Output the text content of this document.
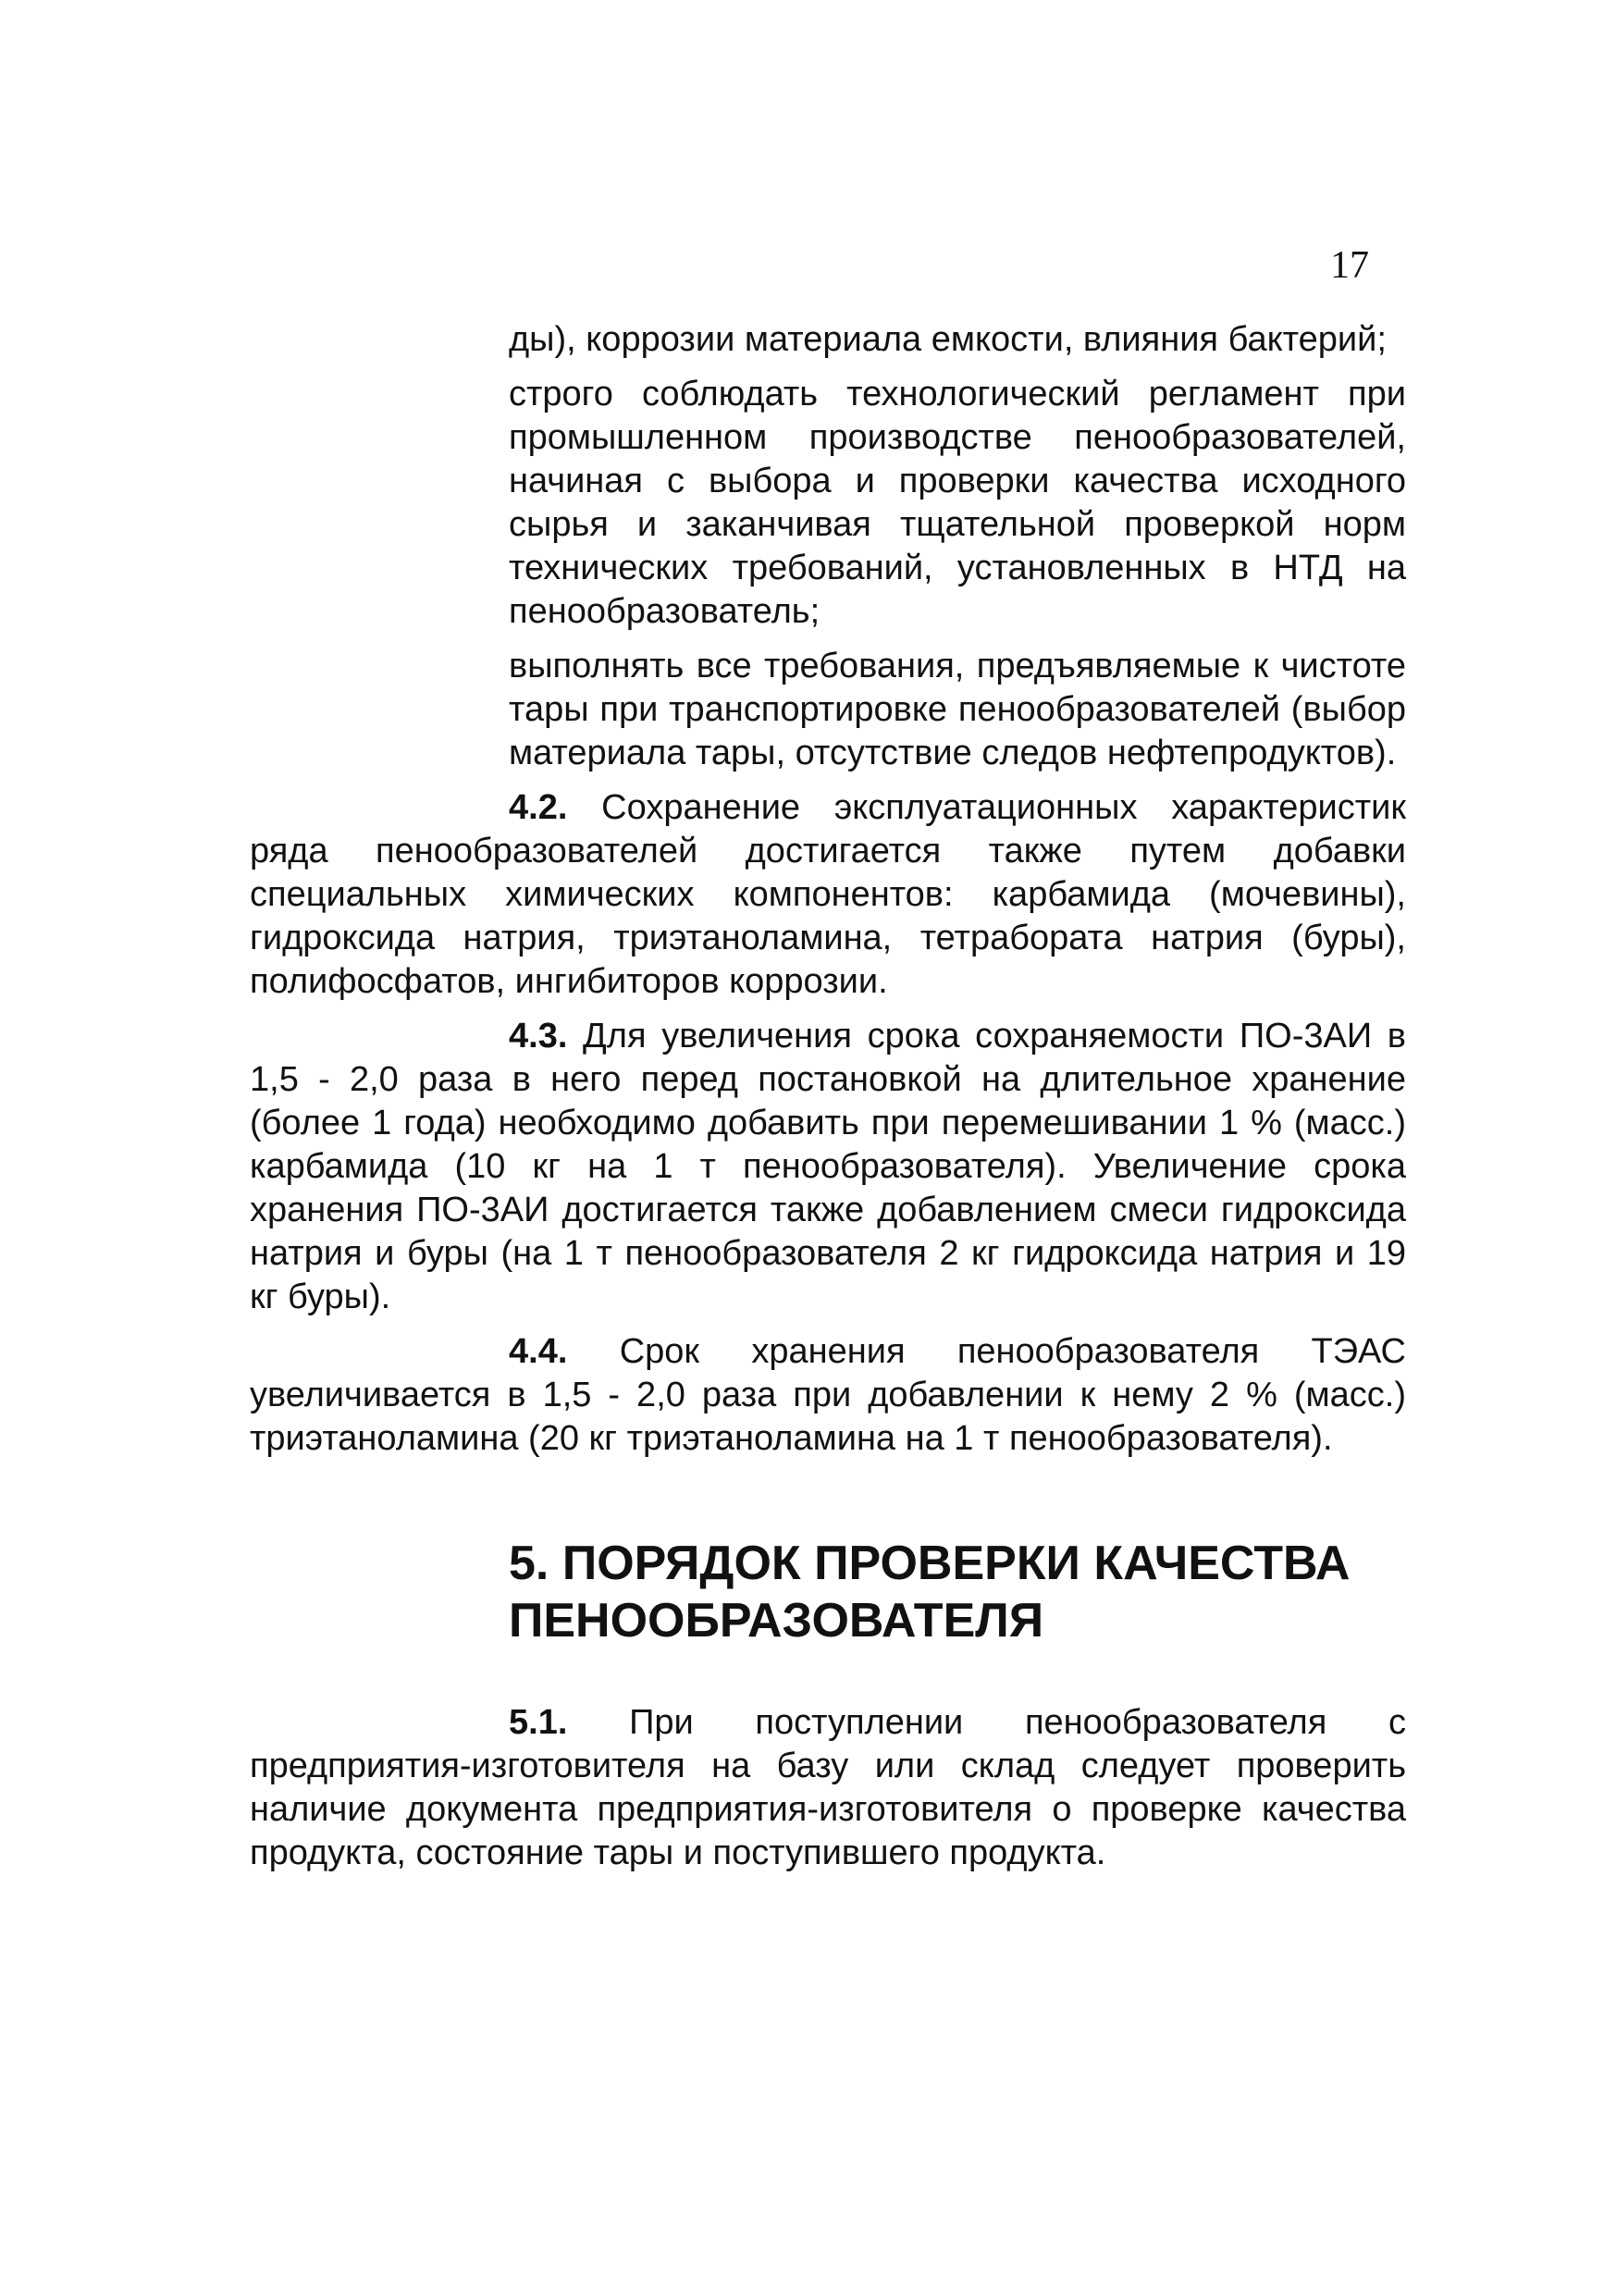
17

ды), коррозии материала емкости, влияния бактерий;

строго соблюдать технологический регламент при промышленном производстве пенообразователей, начиная с выбора и проверки качества исходного сырья и заканчивая тщательной проверкой норм технических требований, установленных в НТД на пенообразователь;

выполнять все требования, предъявляемые к чистоте тары при транспортировке пенообразователей (выбор материала тары, отсутствие следов нефтепродуктов).

4.2. Сохранение эксплуатационных характеристик ряда пенообразователей достигается также путем добавки специальных химических компонентов: карбамида (мочевины), гидроксида натрия, триэтаноламина, тетрабората натрия (буры), полифосфатов, ингибиторов коррозии.

4.3. Для увеличения срока сохраняемости ПО-3АИ в 1,5 - 2,0 раза в него перед постановкой на длительное хранение (более 1 года) необходимо добавить при перемешивании 1 % (масс.) карбамида (10 кг на 1 т пенообразователя). Увеличение срока хранения ПО-3АИ достигается также добавлением смеси гидроксида натрия и буры (на 1 т пенообразователя 2 кг гидроксида натрия и 19 кг буры).

4.4. Срок хранения пенообразователя ТЭАС увеличивается в 1,5 - 2,0 раза при добавлении к нему 2 % (масс.) триэтаноламина (20 кг триэтаноламина на 1 т пенообразователя).

5. ПОРЯДОК ПРОВЕРКИ КАЧЕСТВА
ПЕНООБРАЗОВАТЕЛЯ

5.1. При поступлении пенообразователя с предприятия-изготовителя на базу или склад следует проверить наличие документа предприятия-изготовителя о проверке качества продукта, состояние тары и поступившего продукта.
